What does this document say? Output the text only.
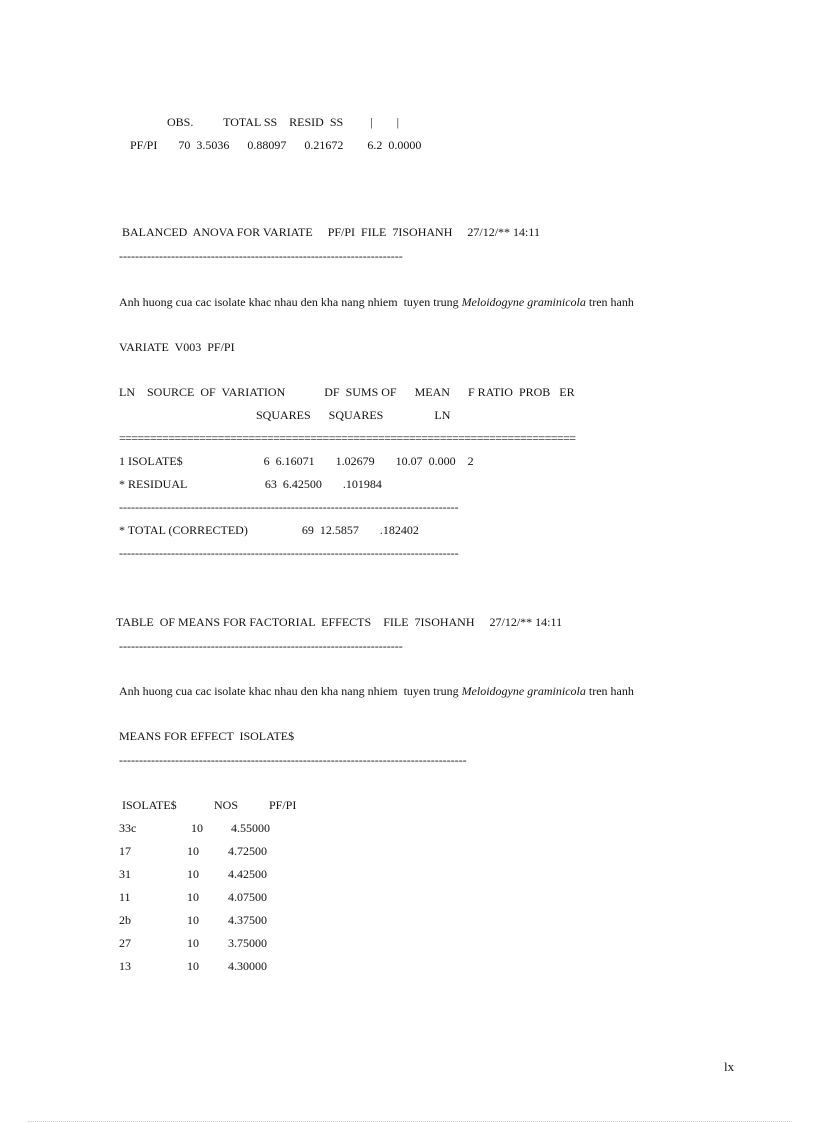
OBS.          TOTAL SS    RESID  SS         |        |
PF/PI       70  3.5036      0.88097      0.21672        6.2  0.0000
BALANCED  ANOVA FOR VARIATE     PF/PI  FILE  7ISOHANH     27/12/** 14:11
-----------------------------------------------------------------------
Anh huong cua cac isolate khac nhau den kha nang nhiem  tuyen trung Meloidogyne graminicola tren hanh
VARIATE  V003  PF/PI
LN    SOURCE  OF  VARIATION             DF  SUMS OF      MEAN      F RATIO  PROB   ER
SQUARES      SQUARES                 LN
==========================================================================
1 ISOLATE$                           6  6.16071       1.02679       10.07  0.000    2
* RESIDUAL                          63  6.42500       .101984
-------------------------------------------------------------------------------------
* TOTAL (CORRECTED)                  69  12.5857       .182402
-------------------------------------------------------------------------------------
TABLE  OF MEANS FOR FACTORIAL  EFFECTS    FILE  7ISOHANH     27/12/** 14:11
-----------------------------------------------------------------------
Anh huong cua cac isolate khac nhau den kha nang nhiem  tuyen trung Meloidogyne graminicola tren hanh
MEANS FOR EFFECT  ISOLATE$
---------------------------------------------------------------------------------------
ISOLATE$	NOS	PF/PI
33c	10 4.55000
17	10 4.72500
31	10 4.42500
11	10 4.07500
2b	10 4.37500
27	10 3.75000
13	10 4.30000
lx
